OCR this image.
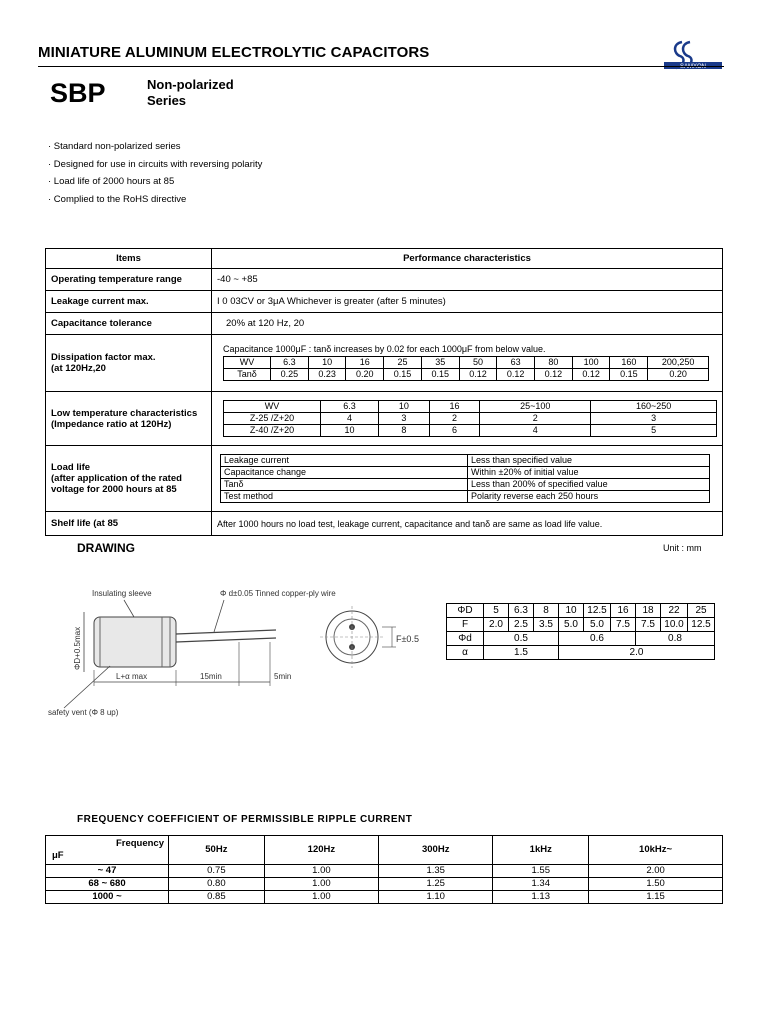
MINIATURE ALUMINUM ELECTROLYTIC CAPACITORS
SAMXON
SBP	Non-polarized
Series
· Standard non-polarized series
· Designed for use in circuits with reversing polarity
· Load life of 2000 hours at 85
· Complied to the RoHS directive
Items	Performance characteristics
Operating temperature range	-40 ~ +85
Leakage current max.	I 0 03CV or 3μA Whichever is greater (after 5 minutes)
Capacitance tolerance	20% at 120 Hz, 20

Dissipation factor max.
(at 120Hz,20

Capacitance 1000μF : tanδ increases by 0.02 for each 1000μF from below value.
WV	6.3	10	16	25	35	50	63	80	100	160	200,250
Tanδ	0.25	0.23	0.20	0.15	0.15	0.12	0.12	0.12	0.12	0.15	0.20

Low temperature characteristics
(Impedance ratio at 120Hz)

WV	6.3	10	16	25~100	160~250
Z-25 /Z+20	4	3	2	2	3
Z-40 /Z+20	10	8	6	4	5

Load life
(after application of the rated
voltage for 2000 hours at 85

Leakage current	Less than specified value
Capacitance change	Within ±20% of initial value
Tanδ	Less than 200% of specified value
Test method	Polarity reverse each 250 hours

Shelf life (at 85	After 1000 hours no load test, leakage current, capacitance and tanδ are same as load life value.
DRAWING	Unit : mm
Insulating sleeve	Φ d±0.05 Tinned copper-ply wire
ΦD+0.5max
L+α max	15min	5min
safety vent (Φ 8 up)
F±0.5
ΦD	5	6.3	8	10	12.5	16	18	22	25
F	2.0	2.5	3.5	5.0	5.0	7.5	7.5	10.0	12.5
Φd	0.5			0.6			0.8		
α	1.5			2.0					
FREQUENCY COEFFICIENT OF PERMISSIBLE RIPPLE CURRENT
Frequency
μF	50Hz	120Hz	300Hz	1kHz	10kHz~
~ 47	0.75	1.00	1.35	1.55	2.00
68 ~ 680	0.80	1.00	1.25	1.34	1.50
1000 ~	0.85	1.00	1.10	1.13	1.15
